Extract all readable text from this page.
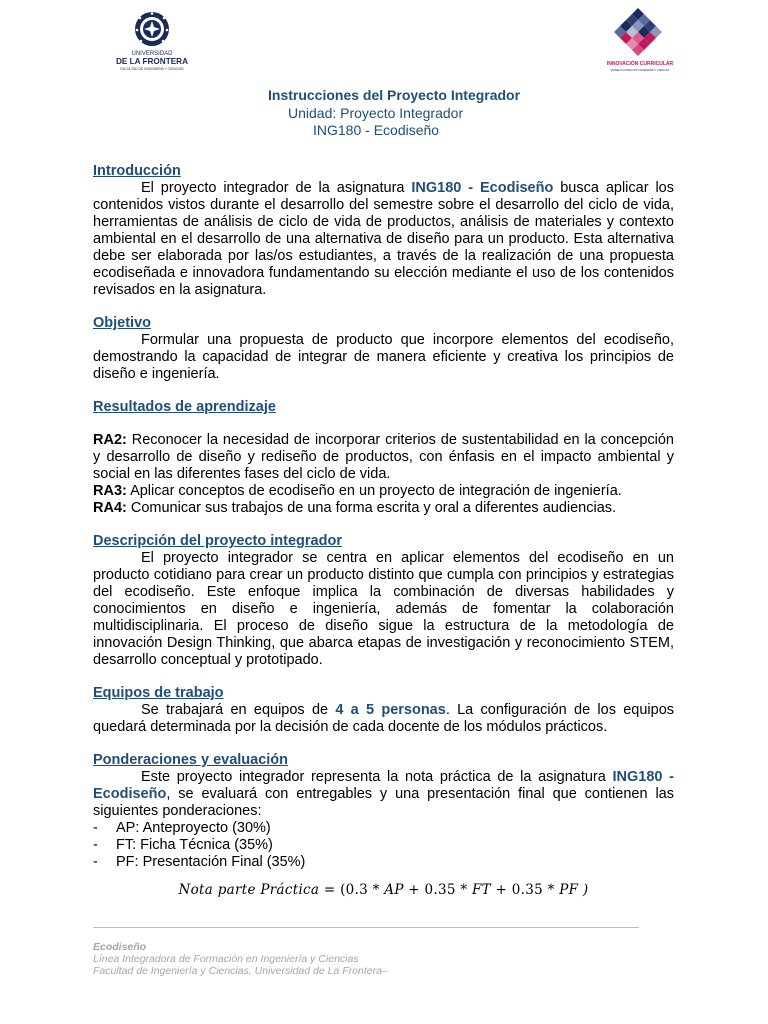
UNIVERSIDAD
DE LA FRONTERA
FACULTAD DE INGENIERÍA Y CIENCIAS
INNOVACIÓN CURRICULAR
MODELO FORMACIÓN INGENIERÍA Y CIENCIAS
Instrucciones del Proyecto Integrador
Unidad: Proyecto Integrador
ING180 - Ecodiseño
Introducción

El proyecto integrador de la asignatura ING180 - Ecodiseño busca aplicar los contenidos vistos durante el desarrollo del semestre sobre el desarrollo del ciclo de vida, herramientas de análisis de ciclo de vida de productos, análisis de materiales y contexto ambiental en el desarrollo de una alternativa de diseño para un producto. Esta alternativa debe ser elaborada por las/os estudiantes, a través de la realización de una propuesta ecodiseñada e innovadora fundamentando su elección mediante el uso de los contenidos revisados en la asignatura.

Objetivo

Formular una propuesta de producto que incorpore elementos del ecodiseño, demostrando la capacidad de integrar de manera eficiente y creativa los principios de diseño e ingeniería.

Resultados de aprendizaje

RA2: Reconocer la necesidad de incorporar criterios de sustentabilidad en la concepción y desarrollo de diseño y rediseño de productos, con énfasis en el impacto ambiental y social en las diferentes fases del ciclo de vida.

RA3: Aplicar conceptos de ecodiseño en un proyecto de integración de ingeniería.

RA4: Comunicar sus trabajos de una forma escrita y oral a diferentes audiencias.

Descripción del proyecto integrador

El proyecto integrador se centra en aplicar elementos del ecodiseño en un producto cotidiano para crear un producto distinto que cumpla con principios y estrategias del ecodiseño. Este enfoque implica la combinación de diversas habilidades y conocimientos en diseño e ingeniería, además de fomentar la colaboración multidisciplinaria. El proceso de diseño sigue la estructura de la metodología de innovación Design Thinking, que abarca etapas de investigación y reconocimiento STEM, desarrollo conceptual y prototipado.

Equipos de trabajo

Se trabajará en equipos de 4 a 5 personas. La configuración de los equipos quedará determinada por la decisión de cada docente de los módulos prácticos.

Ponderaciones y evaluación

Este proyecto integrador representa la nota práctica de la asignatura ING180 - Ecodiseño, se evaluará con entregables y una presentación final que contienen las siguientes ponderaciones:

- AP: Anteproyecto (30%)
- FT: Ficha Técnica (35%)
- PF: Presentación Final (35%)
Nota parte Práctica = (0.3 * AP + 0.35 * FT + 0.35 * PF )
Ecodiseño
Línea Integradora de Formación en Ingeniería y Ciencias
Facultad de Ingeniería y Ciencias, Universidad de La Frontera–
